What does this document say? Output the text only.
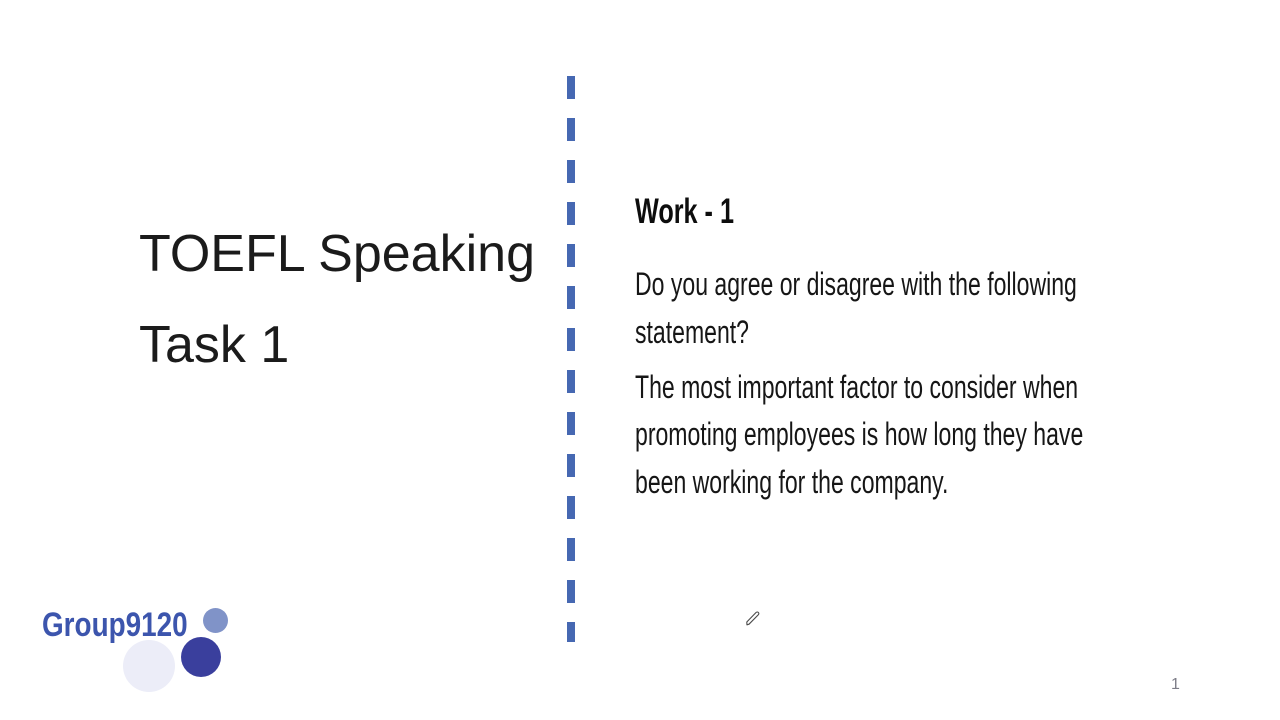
TOEFL Speaking
Task 1
Work - 1
Do you agree or disagree with the following
statement?
The most important factor to consider when
promoting employees is how long they have
been working for the company.
Group9120
1
